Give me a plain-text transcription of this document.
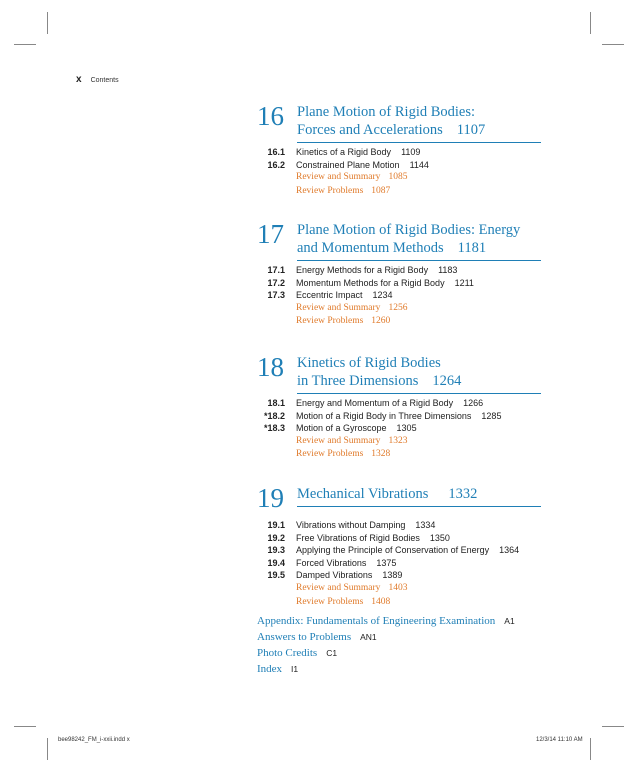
x Contents
16 Plane Motion of Rigid Bodies:
Forces and Accelerations 1107
16.1 Kinetics of a Rigid Body 1109
16.2 Constrained Plane Motion 1144
Review and Summary 1085
Review Problems 1087
17 Plane Motion of Rigid Bodies: Energy
and Momentum Methods 1181
17.1 Energy Methods for a Rigid Body 1183
17.2 Momentum Methods for a Rigid Body 1211
17.3 Eccentric Impact 1234
Review and Summary 1256
Review Problems 1260
18 Kinetics of Rigid Bodies
in Three Dimensions 1264
18.1 Energy and Momentum of a Rigid Body 1266
*18.2 Motion of a Rigid Body in Three Dimensions 1285
*18.3 Motion of a Gyroscope 1305
Review and Summary 1323
Review Problems 1328
19 Mechanical Vibrations 1332
19.1 Vibrations without Damping 1334
19.2 Free Vibrations of Rigid Bodies 1350
19.3 Applying the Principle of Conservation of Energy 1364
19.4 Forced Vibrations 1375
19.5 Damped Vibrations 1389
Review and Summary 1403
Review Problems 1408
Appendix: Fundamentals of Engineering Examination A1
Answers to Problems AN1
Photo Credits C1
Index I1
bee98242_FM_i-xxii.indd x	12/3/14 11:10 AM
